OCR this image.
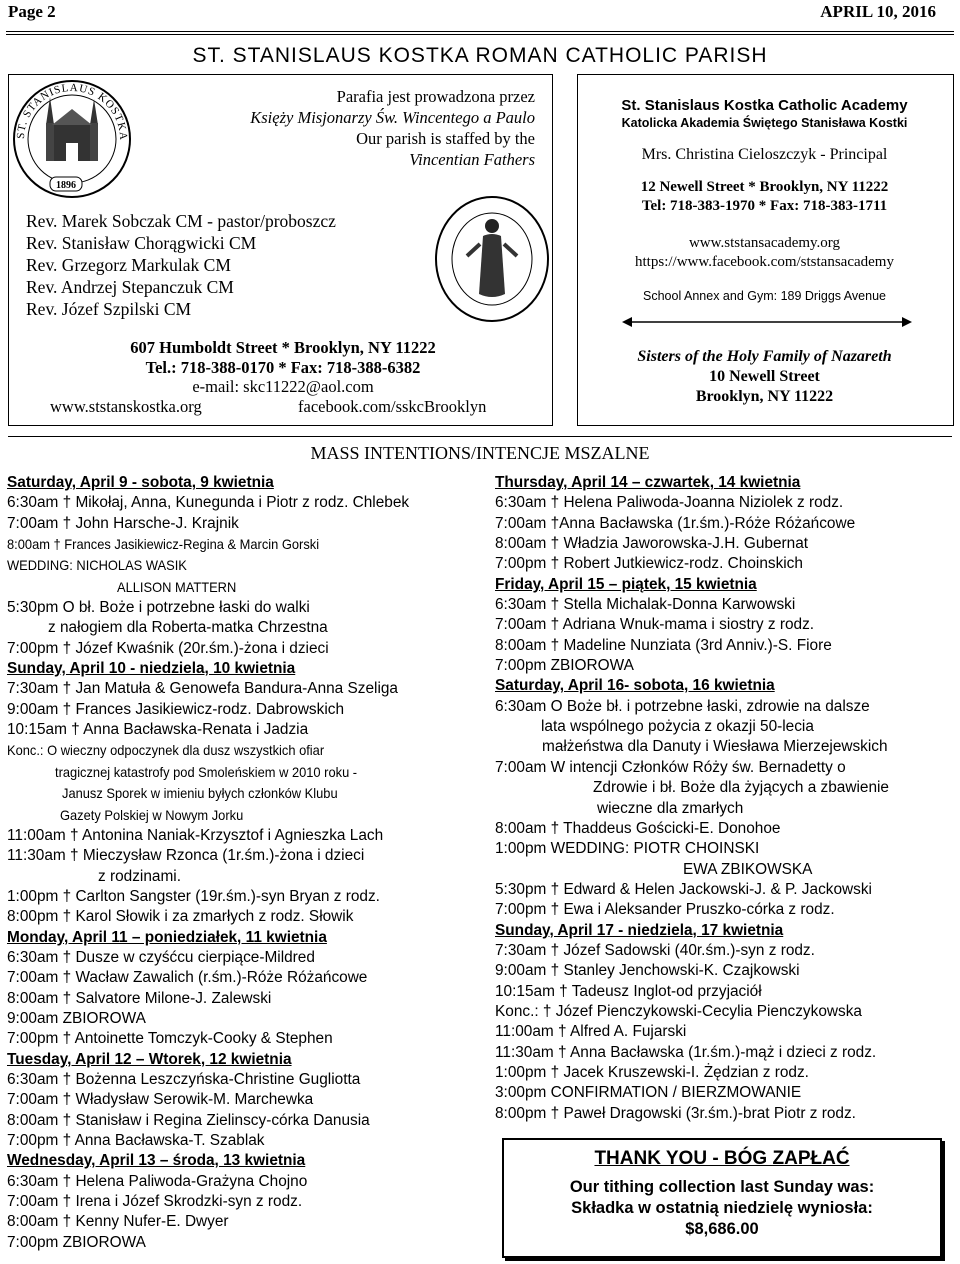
Page 2	APRIL 10, 2016
ST. STANISLAUS KOSTKA ROMAN CATHOLIC PARISH
ST. STANISLAUS KOSTKA
1896
Parafia jest prowadzona przez
Księży Misjonarzy Św. Wincentego a Paulo
Our parish is staffed by the
Vincentian Fathers
Rev. Marek Sobczak CM - pastor/proboszcz
Rev. Stanisław Chorągwicki CM
Rev. Grzegorz Markulak CM
Rev. Andrzej Stepanczuk CM
Rev. Józef Szpilski CM
607 Humboldt Street * Brooklyn, NY 11222
Tel.: 718-388-0170 * Fax: 718-388-6382
e-mail: skc11222@aol.com
www.ststanskostka.org	facebook.com/sskcBrooklyn
St. Stanislaus Kostka Catholic Academy
Katolicka Akademia Świętego Stanisława Kostki
Mrs. Christina Cieloszczyk - Principal
12 Newell Street * Brooklyn, NY 11222
Tel: 718-383-1970 * Fax: 718-383-1711
www.ststansacademy.org
https://www.facebook.com/ststansacademy
School Annex and Gym: 189 Driggs Avenue
Sisters of the Holy Family of Nazareth
10 Newell Street
Brooklyn, NY 11222
MASS INTENTIONS/INTENCJE MSZALNE
Saturday, April 9 - sobota, 9 kwietnia
6:30am † Mikołaj, Anna, Kunegunda i Piotr z rodz. Chlebek
7:00am † John Harsche-J. Krajnik
8:00am † Frances Jasikiewicz-Regina & Marcin Gorski
WEDDING: NICHOLAS WASIK
ALLISON MATTERN
5:30pm O bł. Boże i potrzebne łaski do walki
z nałogiem dla Roberta-matka Chrzestna
7:00pm † Józef Kwaśnik (20r.śm.)-żona i dzieci
Sunday, April 10 - niedziela, 10 kwietnia
7:30am † Jan Matuła & Genowefa Bandura-Anna Szeliga
9:00am † Frances Jasikiewicz-rodz. Dabrowskich
10:15am † Anna Bacławska-Renata i Jadzia
Konc.: O wieczny odpoczynek dla dusz wszystkich ofiar
tragicznej katastrofy pod Smoleńskiem w 2010 roku -
Janusz Sporek w imieniu byłych członków Klubu
Gazety Polskiej w Nowym Jorku
11:00am † Antonina Naniak-Krzysztof i Agnieszka Lach
11:30am † Mieczysław Rzonca (1r.śm.)-żona i dzieci
z rodzinami.
1:00pm † Carlton Sangster (19r.śm.)-syn Bryan z rodz.
8:00pm † Karol Słowik i za zmarłych z rodz. Słowik
Monday, April 11 – poniedziałek, 11 kwietnia
6:30am † Dusze w czyśćcu cierpiące-Mildred
7:00am † Wacław Zawalich (r.śm.)-Róże Różańcowe
8:00am † Salvatore Milone-J. Zalewski
9:00am ZBIOROWA
7:00pm † Antoinette Tomczyk-Cooky & Stephen
Tuesday, April 12 – Wtorek, 12 kwietnia
6:30am † Bożenna Leszczyńska-Christine Gugliotta
7:00am † Władysław Serowik-M. Marchewka
8:00am † Stanisław i Regina Zielinscy-córka Danusia
7:00pm † Anna Bacławska-T. Szablak
Wednesday, April 13 – środa, 13 kwietnia
6:30am † Helena Paliwoda-Grażyna Chojno
7:00am † Irena i Józef Skrodzki-syn z rodz.
8:00am † Kenny Nufer-E. Dwyer
7:00pm ZBIOROWA
Thursday, April 14 – czwartek, 14 kwietnia
6:30am † Helena Paliwoda-Joanna Niziolek z rodz.
7:00am †Anna Bacławska (1r.śm.)-Róże Różańcowe
8:00am † Władzia Jaworowska-J.H. Gubernat
7:00pm † Robert Jutkiewicz-rodz. Choinskich
Friday, April 15 – piątek, 15 kwietnia
6:30am † Stella Michalak-Donna Karwowski
7:00am † Adriana Wnuk-mama i siostry z rodz.
8:00am † Madeline Nunziata (3rd Anniv.)-S. Fiore
7:00pm ZBIOROWA
Saturday, April 16- sobota, 16 kwietnia
6:30am O Boże bł. i potrzebne łaski, zdrowie na dalsze
lata wspólnego pożycia z okazji 50-lecia
małżeństwa dla Danuty i Wiesława Mierzejewskich
7:00am W intencji Członków Róży św. Bernadetty o
Zdrowie i bł. Boże dla żyjących a zbawienie
wieczne dla zmarłych
8:00am † Thaddeus Gościcki-E. Donohoe
1:00pm WEDDING: PIOTR CHOINSKI
EWA ZBIKOWSKA
5:30pm † Edward & Helen Jackowski-J. & P. Jackowski
7:00pm † Ewa i Aleksander Pruszko-córka z rodz.
Sunday, April 17 - niedziela, 17 kwietnia
7:30am † Józef Sadowski (40r.śm.)-syn z rodz.
9:00am † Stanley Jenchowski-K. Czajkowski
10:15am † Tadeusz Inglot-od przyjaciół
Konc.: † Józef Pienczykowski-Cecylia Pienczykowska
11:00am † Alfred A. Fujarski
11:30am † Anna Bacławska (1r.śm.)-mąż i dzieci z rodz.
1:00pm † Jacek Kruszewski-I. Żędzian z rodz.
3:00pm CONFIRMATION / BIERZMOWANIE
8:00pm † Paweł Dragowski (3r.śm.)-brat Piotr z rodz.
THANK YOU - BÓG ZAPŁAĆ
Our tithing collection last Sunday was:
Składka w ostatnią niedzielę wyniosła:
$8,686.00
